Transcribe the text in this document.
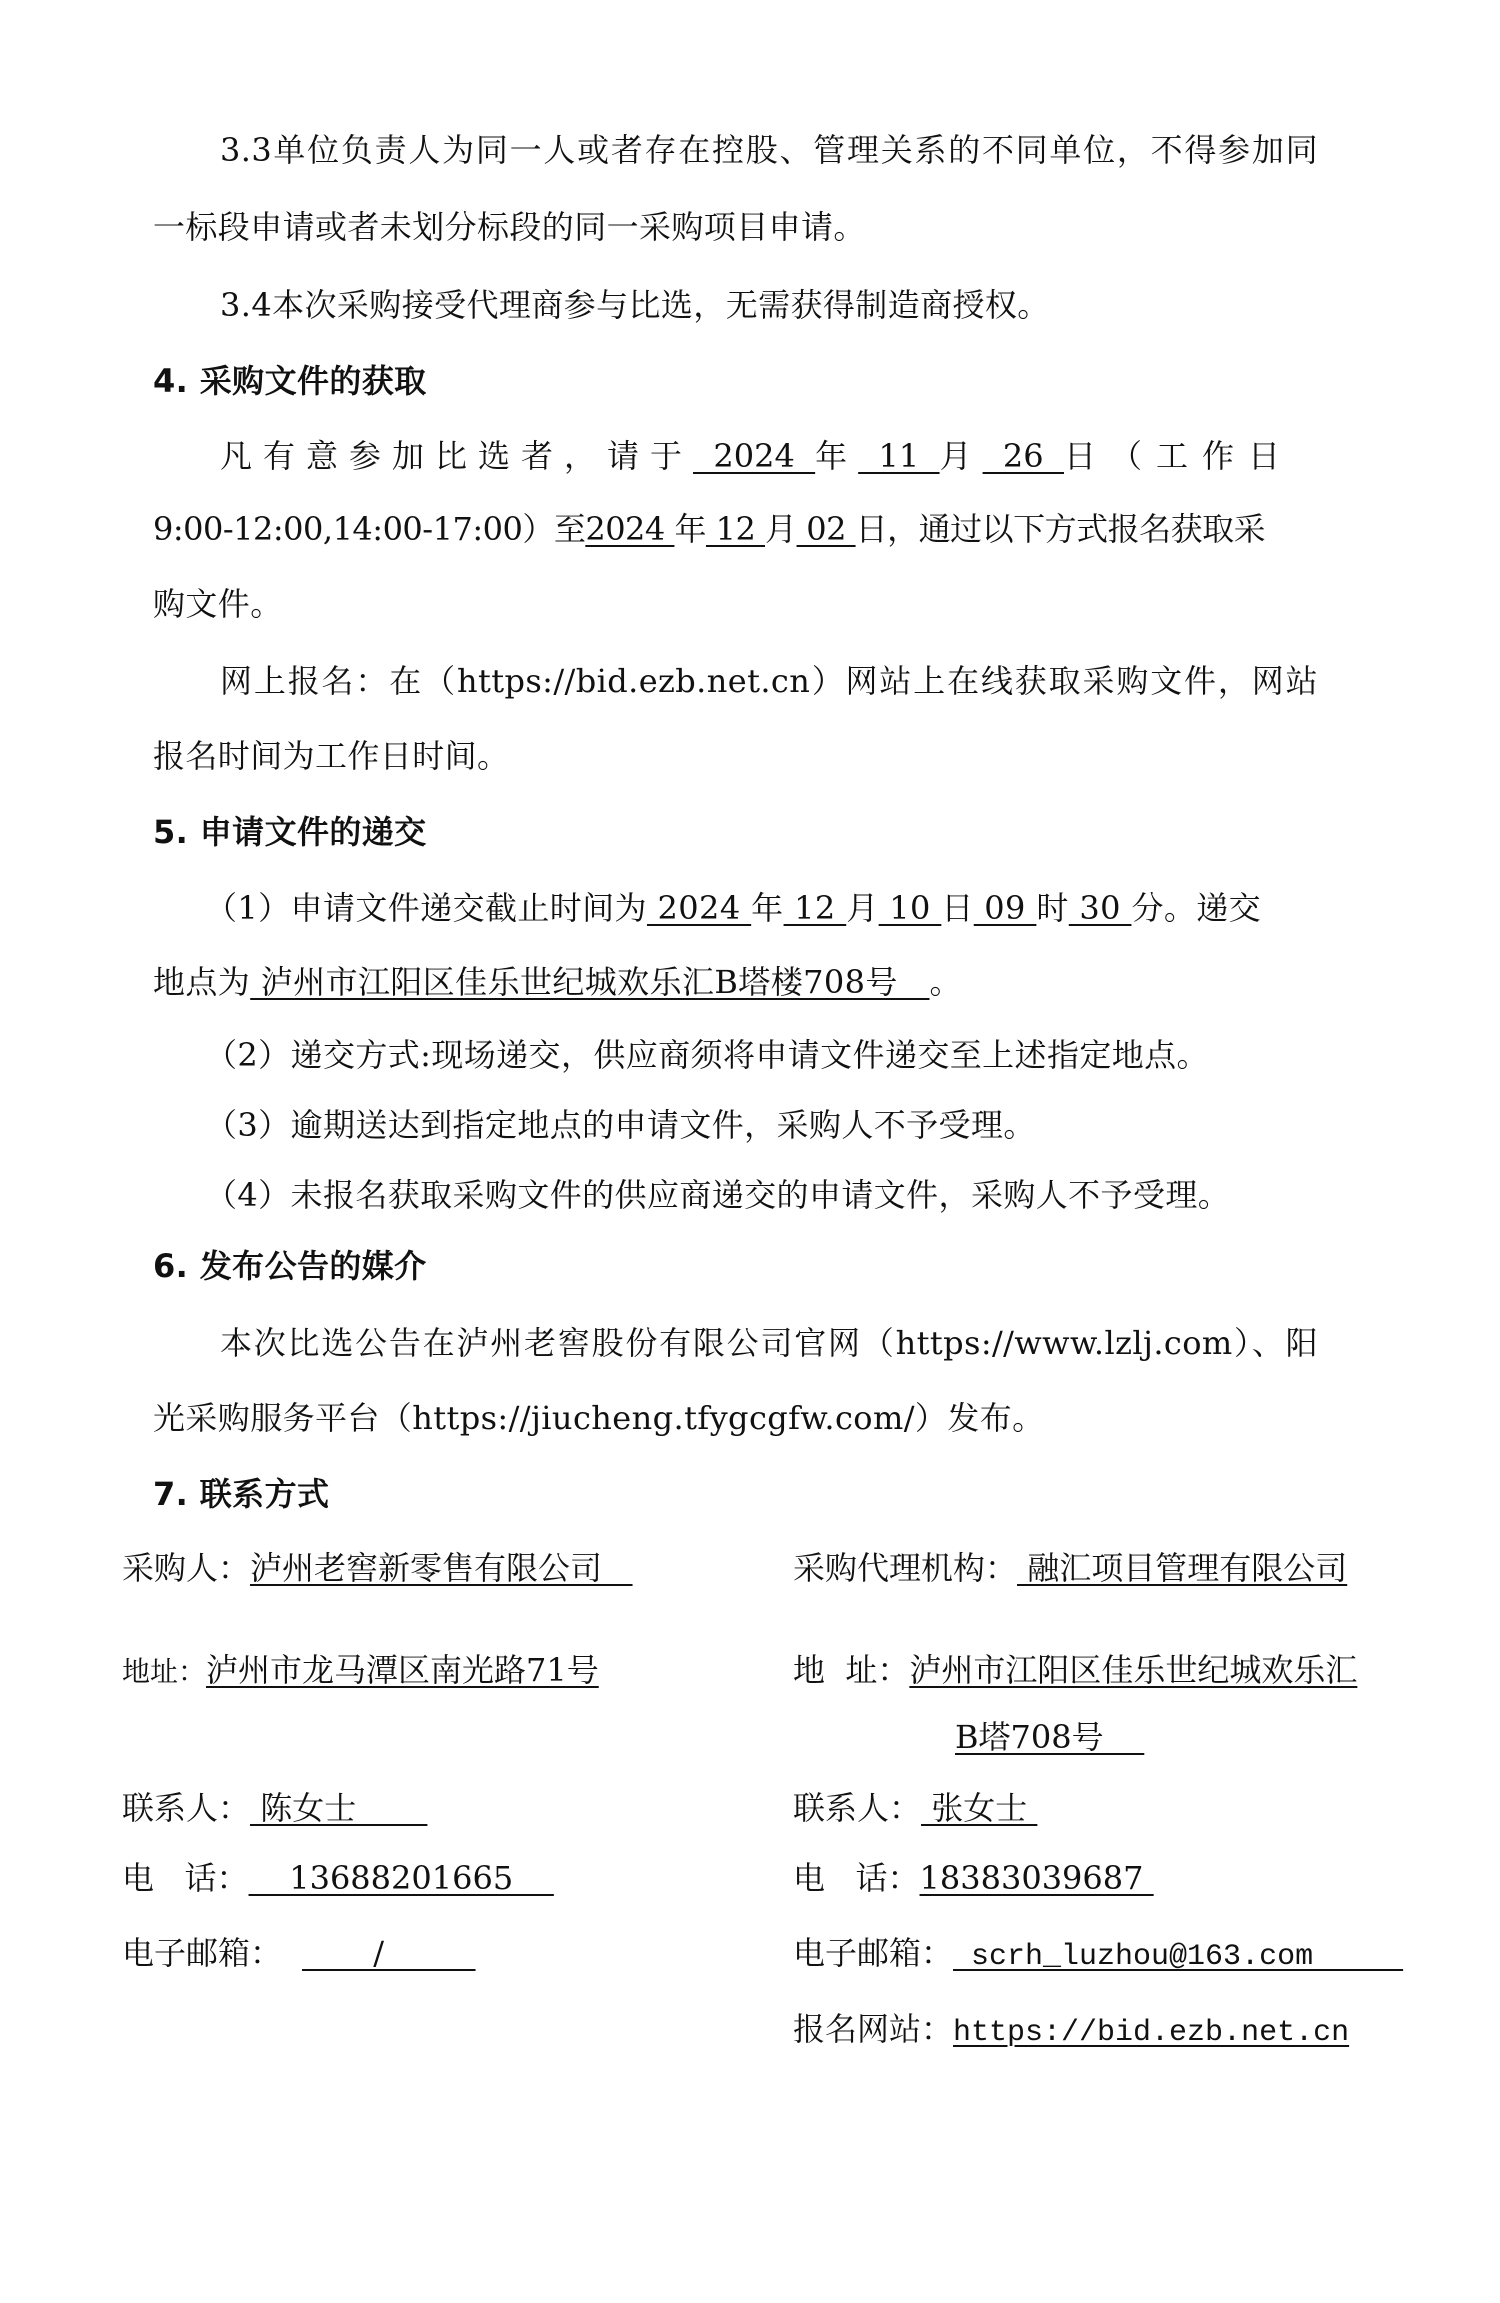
3.3单位负责人为同一人或者存在控股、管理关系的不同单位，不得参加同
一标段申请或者未划分标段的同一采购项目申请。
3.4本次采购接受代理商参与比选，无需获得制造商授权。
4. 采购文件的获取
凡有意参加比选者，请于  2024  年  11  月  26  日（工作日
9:00-12:00,14:00-17:00）至2024 年 12 月 02 日，通过以下方式报名获取采
购文件。
网上报名：在（https://bid.ezb.net.cn）网站上在线获取采购文件，网站
报名时间为工作日时间。
5. 申请文件的递交
（1）申请文件递交截止时间为 2024 年 12 月 10 日 09 时 30 分。递交
地点为 泸州市江阳区佳乐世纪城欢乐汇B塔楼708号   。
（2）递交方式:现场递交，供应商须将申请文件递交至上述指定地点。
（3）逾期送达到指定地点的申请文件，采购人不予受理。
（4）未报名获取采购文件的供应商递交的申请文件，采购人不予受理。
6. 发布公告的媒介
本次比选公告在泸州老窖股份有限公司官网（https://www.lzlj.com）、阳
光采购服务平台（https://jiucheng.tfygcgfw.com/）发布。
7. 联系方式
采购人：泸州老窖新零售有限公司
地址：泸州市龙马潭区南光路71号
联系人： 陈女士
电   话：    13688201665
电子邮箱：       /
采购代理机构： 融汇项目管理有限公司
地  址：泸州市江阳区佳乐世纪城欢乐汇
B塔708号
联系人： 张女士
电   话：18383039687
电子邮箱： scrh_luzhou@163.com
报名网站：https://bid.ezb.net.cn
